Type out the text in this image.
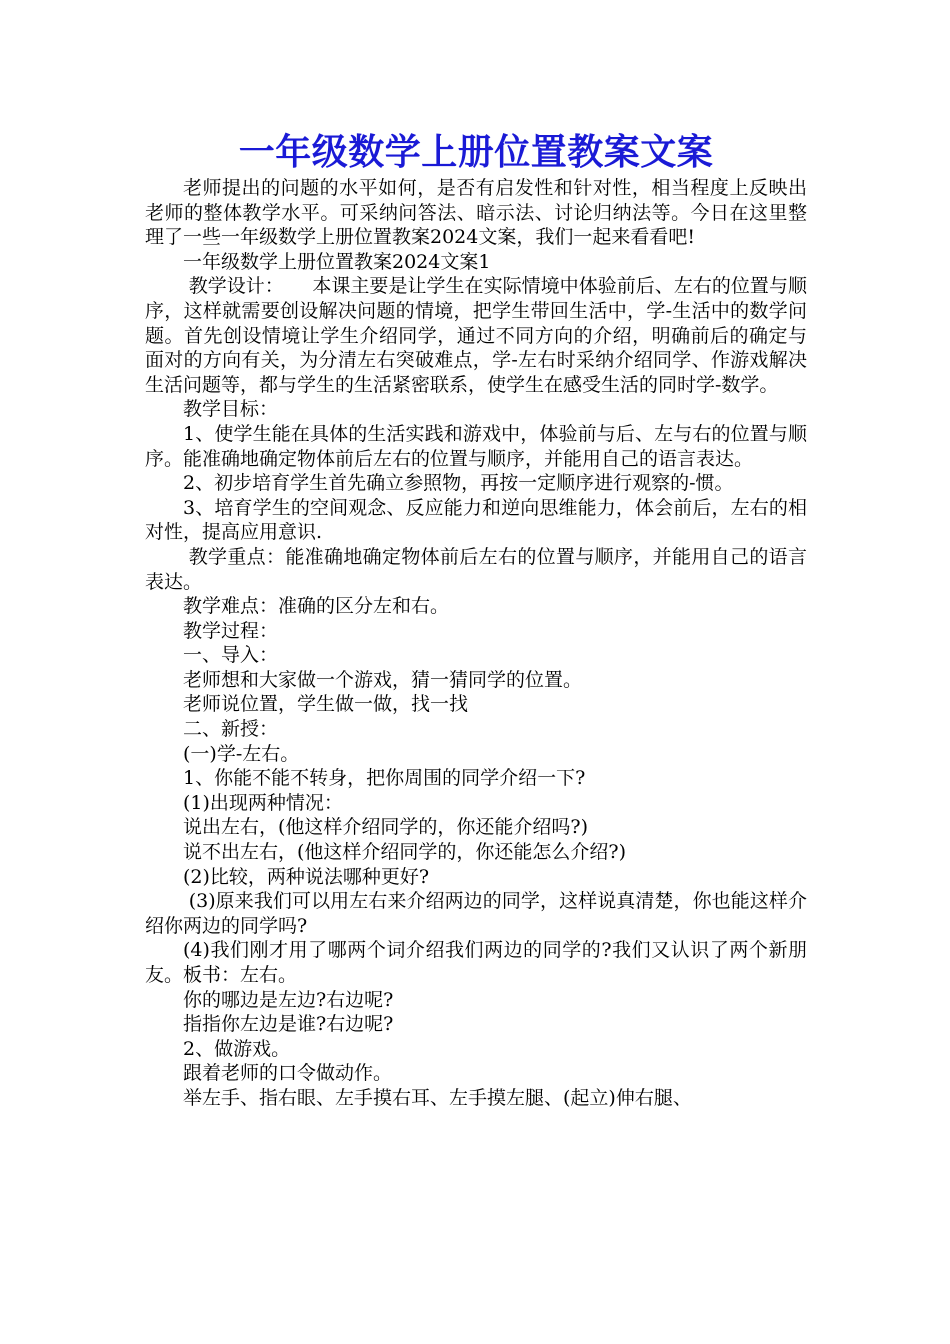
一年级数学上册位置教案文案

老师提出的问题的水平如何，是否有启发性和针对性，相当程度上反映出老师的整体教学水平。可采纳问答法、暗示法、讨论归纳法等。今日在这里整理了一些一年级数学上册位置教案2024文案，我们一起来看看吧!

一年级数学上册位置教案2024文案1

教学设计：　　本课主要是让学生在实际情境中体验前后、左右的位置与顺序，这样就需要创设解决问题的情境，把学生带回生活中，学-生活中的数学问题。首先创设情境让学生介绍同学，通过不同方向的介绍，明确前后的确定与面对的方向有关，为分清左右突破难点，学-左右时采纳介绍同学、作游戏解决生活问题等，都与学生的生活紧密联系，使学生在感受生活的同时学-数学。

教学目标：

1、使学生能在具体的生活实践和游戏中，体验前与后、左与右的位置与顺序。能准确地确定物体前后左右的位置与顺序，并能用自己的语言表达。

2、初步培育学生首先确立参照物，再按一定顺序进行观察的-惯。

3、培育学生的空间观念、反应能力和逆向思维能力，体会前后，左右的相对性，提高应用意识.

教学重点：能准确地确定物体前后左右的位置与顺序，并能用自己的语言表达。

教学难点：准确的区分左和右。

教学过程：

一、导入：

老师想和大家做一个游戏，猜一猜同学的位置。

老师说位置，学生做一做，找一找

二、新授：

(一)学-左右。

1、你能不能不转身，把你周围的同学介绍一下?

(1)出现两种情况：

说出左右，(他这样介绍同学的，你还能介绍吗?)

说不出左右，(他这样介绍同学的，你还能怎么介绍?)

(2)比较，两种说法哪种更好?

(3)原来我们可以用左右来介绍两边的同学，这样说真清楚，你也能这样介绍你两边的同学吗?

(4)我们刚才用了哪两个词介绍我们两边的同学的?我们又认识了两个新朋友。板书：左右。

你的哪边是左边?右边呢?

指指你左边是谁?右边呢?

2、做游戏。

跟着老师的口令做动作。

举左手、指右眼、左手摸右耳、左手摸左腿、(起立)伸右腿、
